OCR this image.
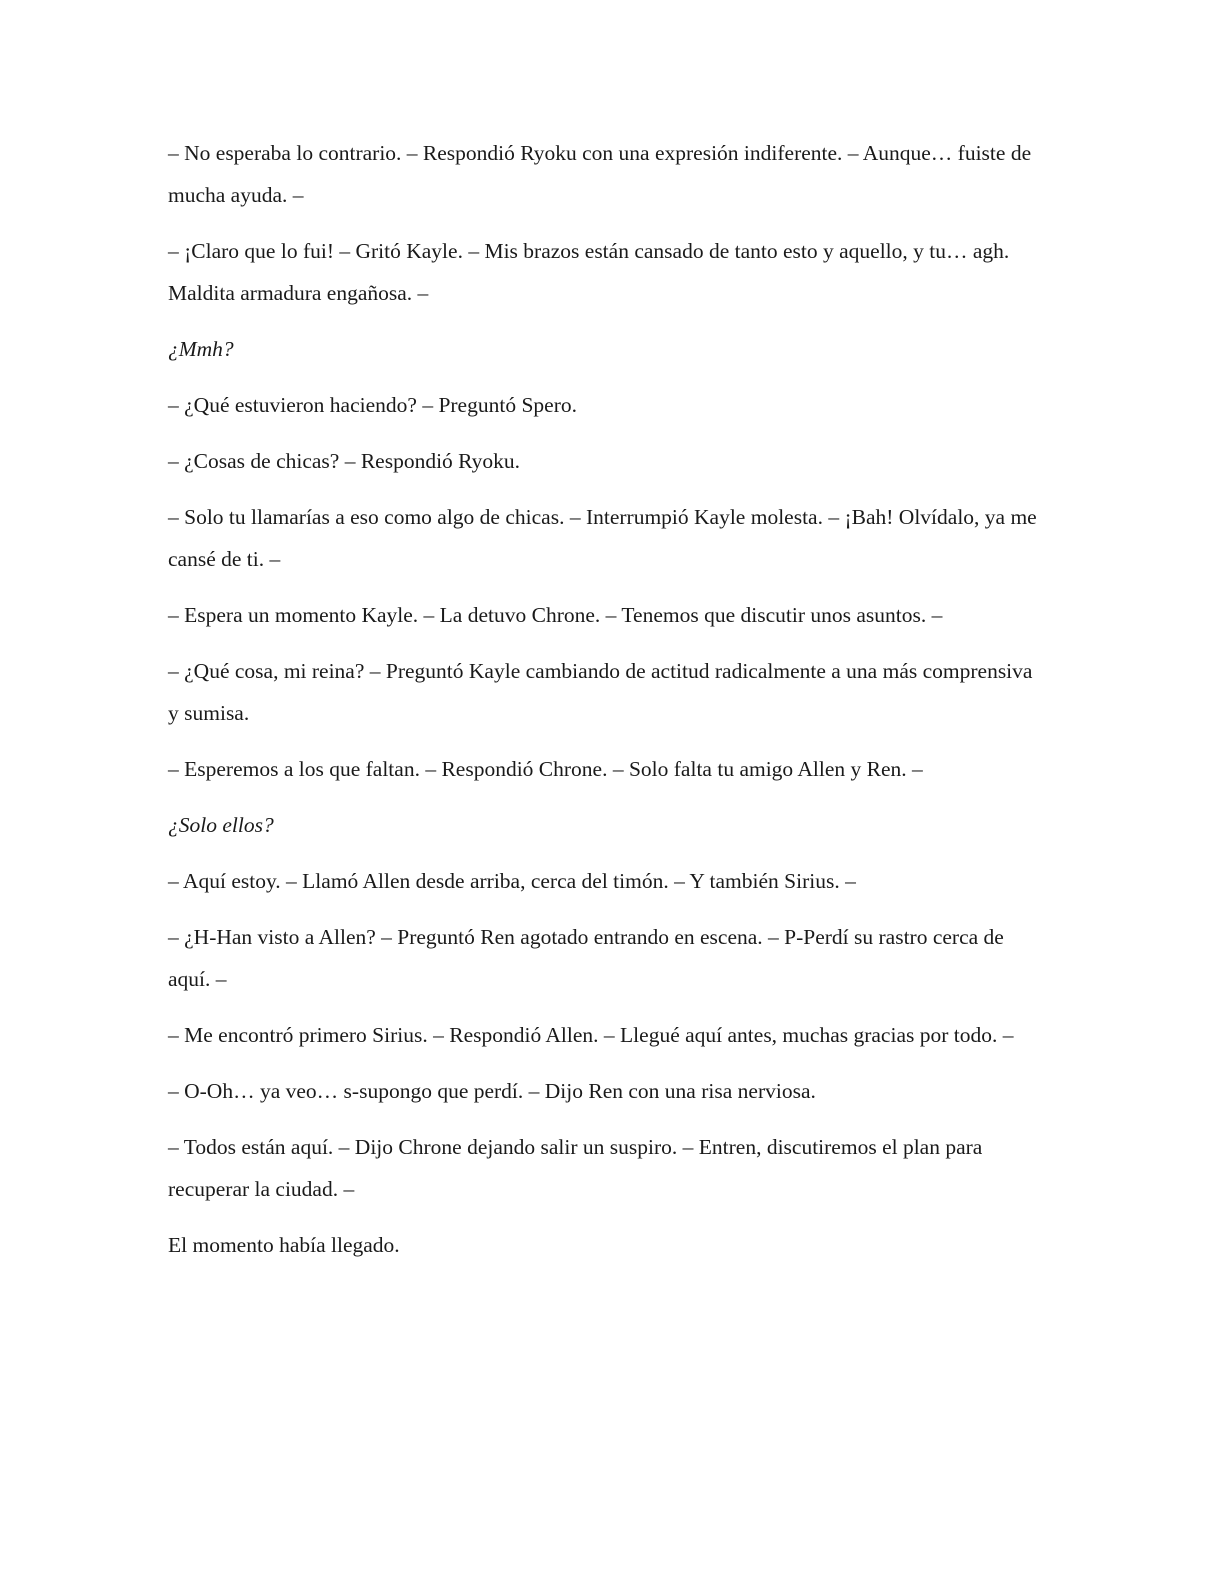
– No esperaba lo contrario. – Respondió Ryoku con una expresión indiferente. – Aunque… fuiste de mucha ayuda. –

– ¡Claro que lo fui! – Gritó Kayle. – Mis brazos están cansado de tanto esto y aquello, y tu… agh. Maldita armadura engañosa. –

¿Mmh?

– ¿Qué estuvieron haciendo? – Preguntó Spero.

– ¿Cosas de chicas? – Respondió Ryoku.

– Solo tu llamarías a eso como algo de chicas. – Interrumpió Kayle molesta. – ¡Bah! Olvídalo, ya me cansé de ti. –

– Espera un momento Kayle. – La detuvo Chrone. – Tenemos que discutir unos asuntos. –

– ¿Qué cosa, mi reina? – Preguntó Kayle cambiando de actitud radicalmente a una más comprensiva y sumisa.

– Esperemos a los que faltan. – Respondió Chrone. – Solo falta tu amigo Allen y Ren. –

¿Solo ellos?

– Aquí estoy. – Llamó Allen desde arriba, cerca del timón. – Y también Sirius. –

– ¿H-Han visto a Allen? – Preguntó Ren agotado entrando en escena. – P-Perdí su rastro cerca de aquí. –

– Me encontró primero Sirius. – Respondió Allen. – Llegué aquí antes, muchas gracias por todo. –

– O-Oh… ya veo… s-supongo que perdí. – Dijo Ren con una risa nerviosa.

– Todos están aquí. – Dijo Chrone dejando salir un suspiro. – Entren, discutiremos el plan para recuperar la ciudad. –

El momento había llegado.
